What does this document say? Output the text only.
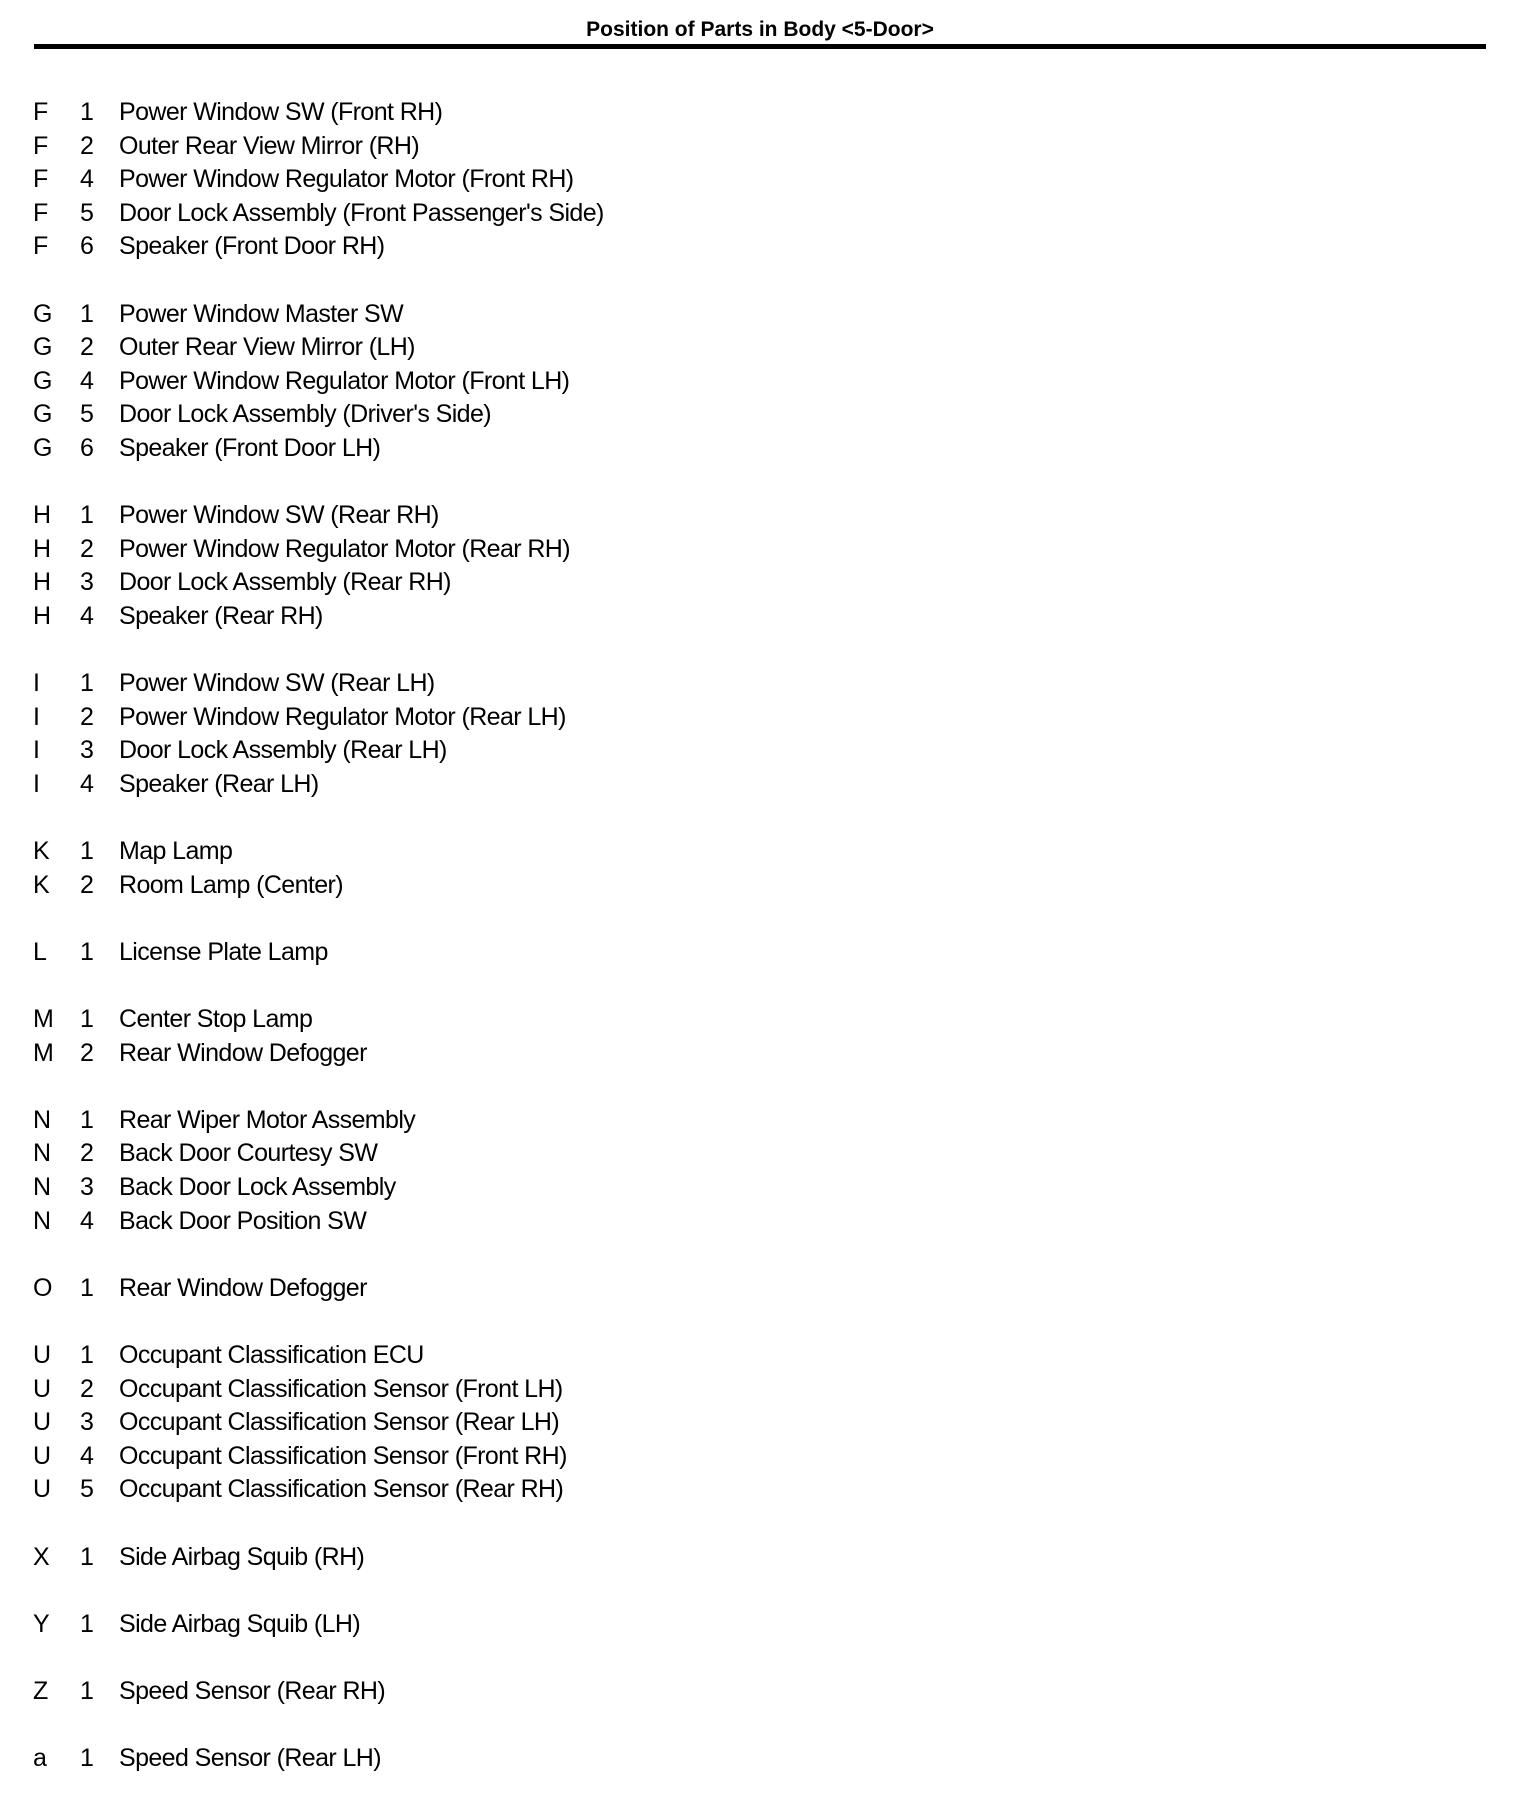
Position of Parts in Body <5-Door>
F 1 Power Window SW (Front RH)
F 2 Outer Rear View Mirror (RH)
F 4 Power Window Regulator Motor (Front RH)
F 5 Door Lock Assembly (Front Passenger's Side)
F 6 Speaker (Front Door RH)
G 1 Power Window Master SW
G 2 Outer Rear View Mirror (LH)
G 4 Power Window Regulator Motor (Front LH)
G 5 Door Lock Assembly (Driver's Side)
G 6 Speaker (Front Door LH)
H 1 Power Window SW (Rear RH)
H 2 Power Window Regulator Motor (Rear RH)
H 3 Door Lock Assembly (Rear RH)
H 4 Speaker (Rear RH)
I 1 Power Window SW (Rear LH)
I 2 Power Window Regulator Motor (Rear LH)
I 3 Door Lock Assembly (Rear LH)
I 4 Speaker (Rear LH)
K 1 Map Lamp
K 2 Room Lamp (Center)
L 1 License Plate Lamp
M 1 Center Stop Lamp
M 2 Rear Window Defogger
N 1 Rear Wiper Motor Assembly
N 2 Back Door Courtesy SW
N 3 Back Door Lock Assembly
N 4 Back Door Position SW
O 1 Rear Window Defogger
U 1 Occupant Classification ECU
U 2 Occupant Classification Sensor (Front LH)
U 3 Occupant Classification Sensor (Rear LH)
U 4 Occupant Classification Sensor (Front RH)
U 5 Occupant Classification Sensor (Rear RH)
X 1 Side Airbag Squib (RH)
Y 1 Side Airbag Squib (LH)
Z 1 Speed Sensor (Rear RH)
a 1 Speed Sensor (Rear LH)
